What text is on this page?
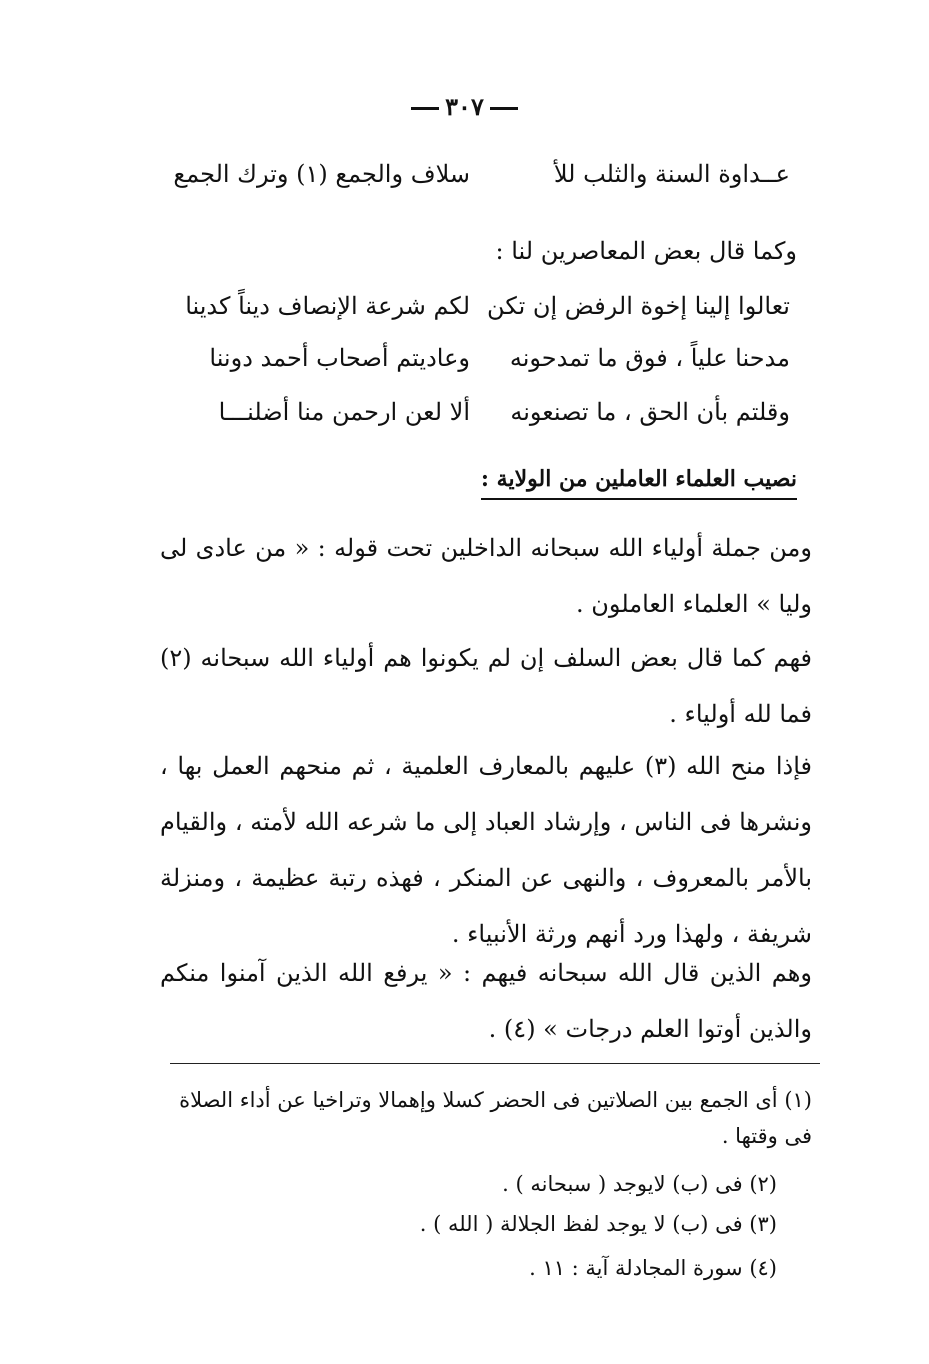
٣٠٧
عــداوة السنة والثلب للأ
سلاف والجمع (١) وترك الجمع
وكما قال بعض المعاصرين لنا :
تعالوا إلينا إخوة الرفض إن تكن
لكم شرعة الإنصاف ديناً كدينا
مدحنا علياً ، فوق ما تمدحونه
وعاديتم أصحاب أحمد دوننا
وقلتم بأن الحق ، ما تصنعونه
ألا لعن ارحمن منا أضلنـــا
نصيب العلماء العاملين من الولاية :
ومن جملة أولياء الله سبحانه الداخلين تحت قوله : « من عادى لى وليا » العلماء العاملون .
فهم كما قال بعض السلف إن لم يكونوا هم أولياء الله سبحانه (٢) فما لله أولياء .
فإذا منح الله (٣) عليهم بالمعارف العلمية ، ثم منحهم العمل بها ، ونشرها فى الناس ، وإرشاد العباد إلى ما شرعه الله لأمته ، والقيام بالأمر بالمعروف ، والنهى عن المنكر ، فهذه رتبة عظيمة ، ومنزلة شريفة ، ولهذا ورد أنهم ورثة الأنبياء .
وهم الذين قال الله سبحانه فيهم : « يرفع الله الذين آمنوا منكم والذين أوتوا العلم درجات » (٤) .
(١) أى الجمع بين الصلاتين فى الحضر كسلا وإهمالا وتراخيا عن أداء الصلاة فى وقتها .
(٢) فى (ب) لايوجد ( سبحانه ) .
(٣) فى (ب) لا يوجد لفظ الجلالة ( الله ) .
(٤) سورة المجادلة آية : ١١ .
